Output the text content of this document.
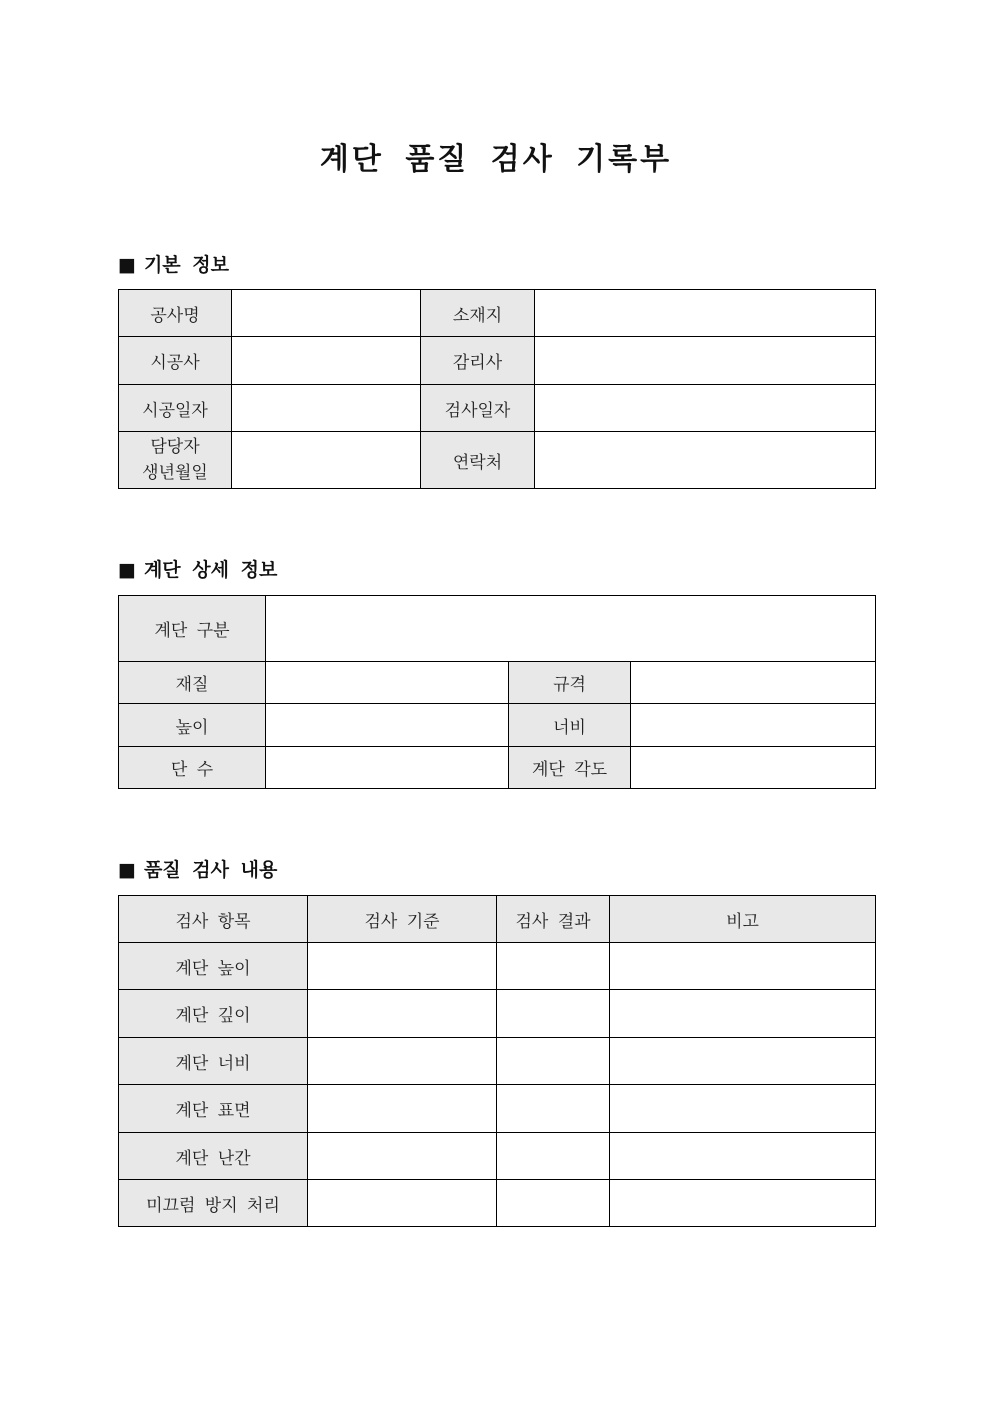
계단 품질 검사 기록부
■ 기본 정보
공사명		소재지	
시공사		감리사	
시공일자		검사일자	

담당자
생년월일		연락처	
■ 계단 상세 정보
계단 구분			
재질		규격	
높이		너비	
단 수		계단 각도	
■ 품질 검사 내용
검사 항목	검사 기준	검사 결과	비고
계단 높이			
계단 깊이			
계단 너비			
계단 표면			
계단 난간			
미끄럼 방지 처리			
